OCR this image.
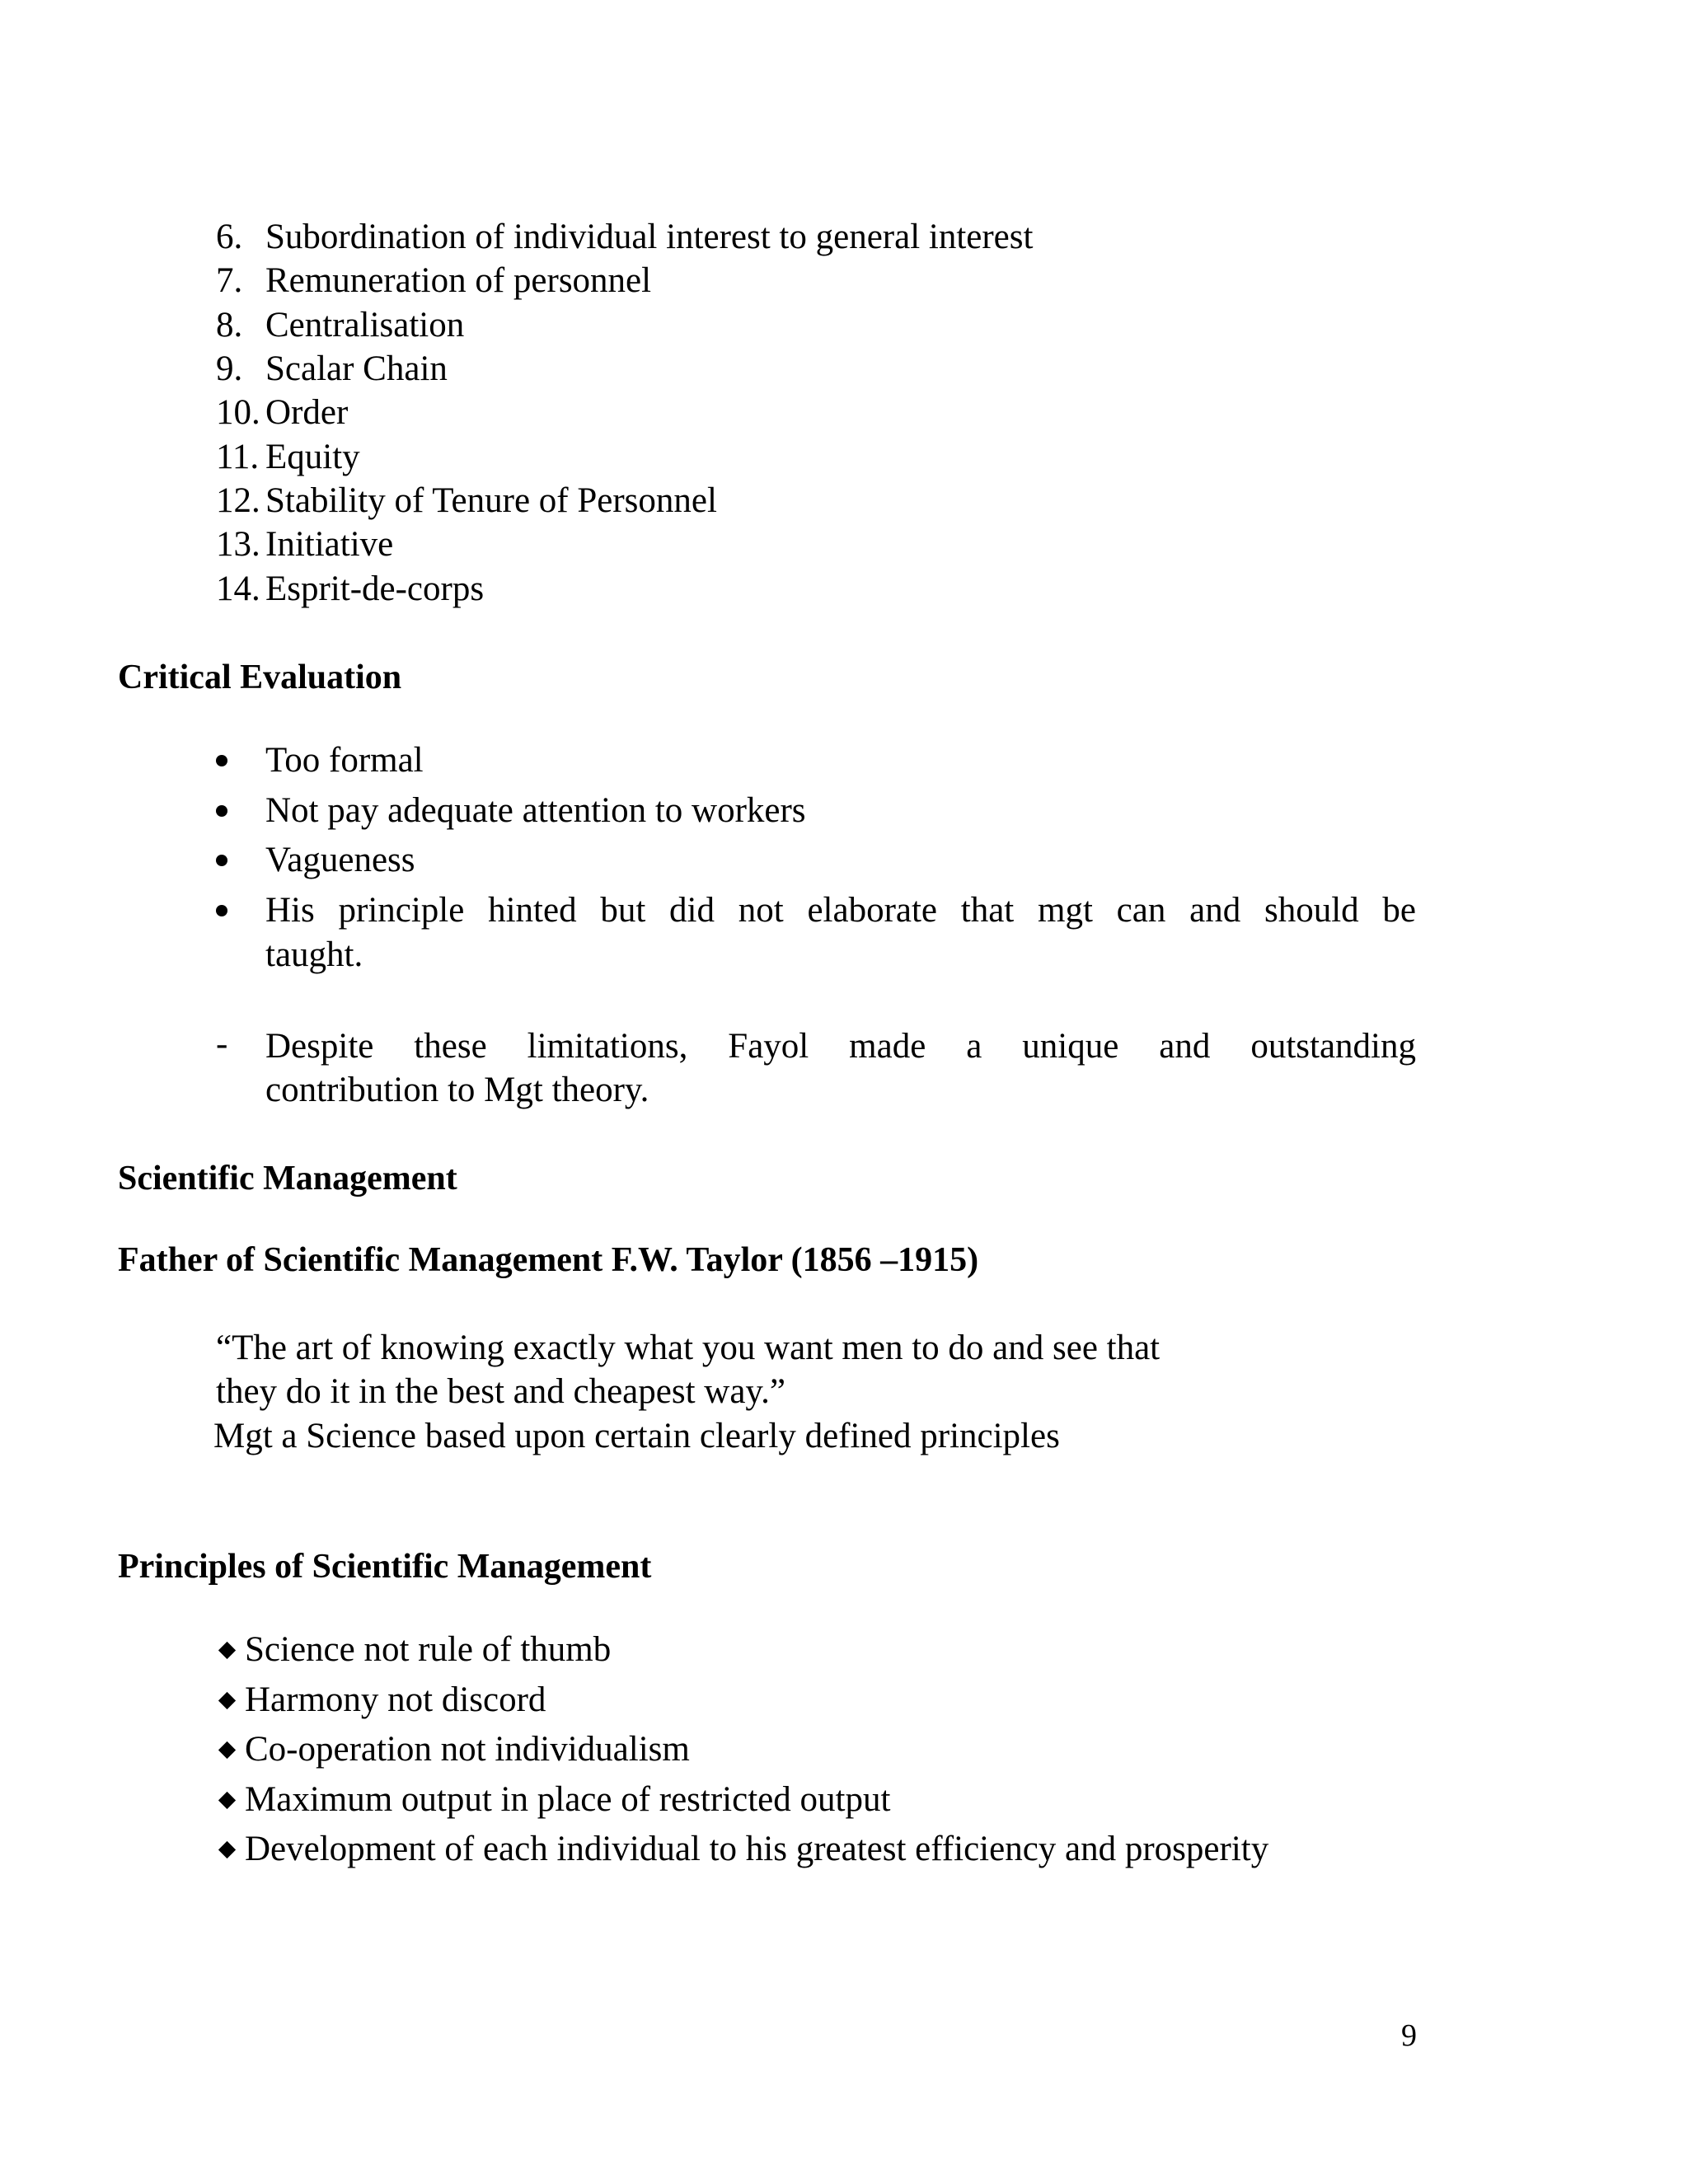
6. Subordination of individual interest to general interest
7. Remuneration of personnel
8. Centralisation
9. Scalar Chain
10. Order
11. Equity
12. Stability of Tenure of Personnel
13. Initiative
14. Esprit-de-corps
Critical Evaluation
Too formal
Not pay adequate attention to workers
Vagueness
His principle hinted but did not elaborate that mgt can and should be
taught.
- Despite these limitations, Fayol made a unique and outstanding
contribution to Mgt theory.
Scientific Management
Father of Scientific Management F.W. Taylor (1856 –1915)
“The art of knowing exactly what you want men to do and see that
they do it in the best and cheapest way.”
Mgt a Science based upon certain clearly defined principles
Principles of Scientific Management
Science not rule of thumb
Harmony not discord
Co-operation not individualism
Maximum output in place of restricted output
Development of each individual to his greatest efficiency and prosperity
9
